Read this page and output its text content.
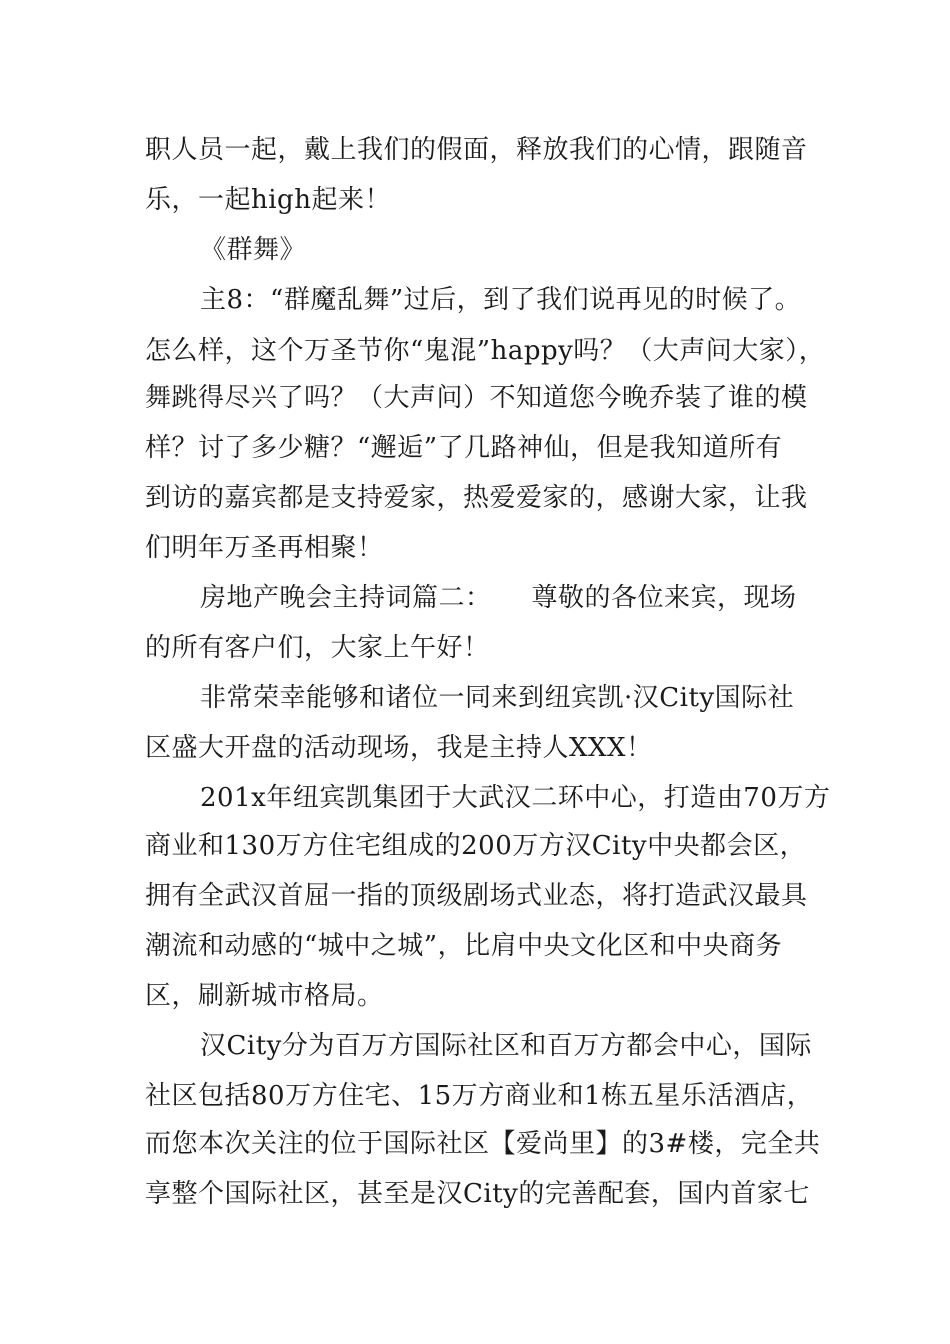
职人员一起，戴上我们的假面，释放我们的心情，跟随音
乐，一起high起来！
《群舞》
主8：“群魔乱舞”过后，到了我们说再见的时候了。
怎么样，这个万圣节你“鬼混”happy吗？（大声问大家），
舞跳得尽兴了吗？（大声问）不知道您今晚乔装了谁的模
样？讨了多少糖？“邂逅”了几路神仙，但是我知道所有
到访的嘉宾都是支持爱家，热爱爱家的，感谢大家，让我
们明年万圣再相聚！
房地产晚会主持词篇二：　　尊敬的各位来宾，现场
的所有客户们，大家上午好！
非常荣幸能够和诸位一同来到纽宾凯·汉City国际社
区盛大开盘的活动现场，我是主持人XXX！
201x年纽宾凯集团于大武汉二环中心，打造由70万方
商业和130万方住宅组成的200万方汉City中央都会区，
拥有全武汉首屈一指的顶级剧场式业态，将打造武汉最具
潮流和动感的“城中之城”，比肩中央文化区和中央商务
区，刷新城市格局。
汉City分为百万方国际社区和百万方都会中心，国际
社区包括80万方住宅、15万方商业和1栋五星乐活酒店，
而您本次关注的位于国际社区【爱尚里】的3#楼，完全共
享整个国际社区，甚至是汉City的完善配套，国内首家七
